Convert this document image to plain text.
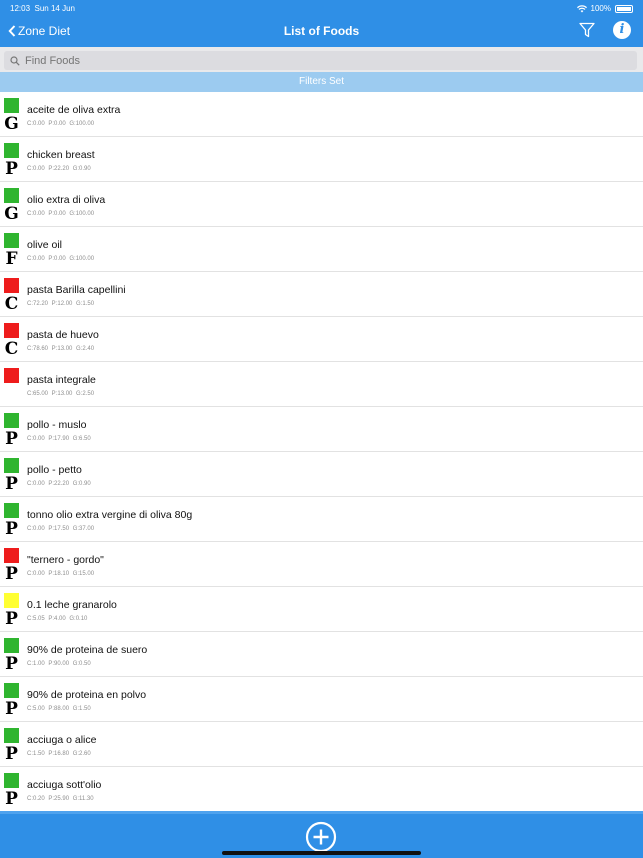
12:03 Sun 14 Jun	100%
Zone Diet	List of Foods	i
Find Foods
Filters Set
G
aceite de oliva extra
C:0.00 P:0.00 G:100.00
P
chicken breast
C:0.00 P:22.20 G:0.90
G
olio extra di oliva
C:0.00 P:0.00 G:100.00
F
olive oil
C:0.00 P:0.00 G:100.00
C
pasta Barilla capellini
C:72.20 P:12.00 G:1.50
C
pasta de huevo
C:78.60 P:13.00 G:2.40
pasta integrale
C:65.00 P:13.00 G:2.50
P
pollo - muslo
C:0.00 P:17.90 G:6.50
P
pollo - petto
C:0.00 P:22.20 G:0.90
P
tonno olio extra vergine di oliva 80g
C:0.00 P:17.50 G:37.00
P
"ternero - gordo"
C:0.00 P:18.10 G:15.00
P
0.1 leche granarolo
C:5.05 P:4.00 G:0.10
P
90% de proteina de suero
C:1.00 P:90.00 G:0.50
P
90% de proteina en polvo
C:5.00 P:88.00 G:1.50
P
acciuga o alice
C:1.50 P:16.80 G:2.60
P
acciuga sott'olio
C:0.20 P:25.90 G:11.30
